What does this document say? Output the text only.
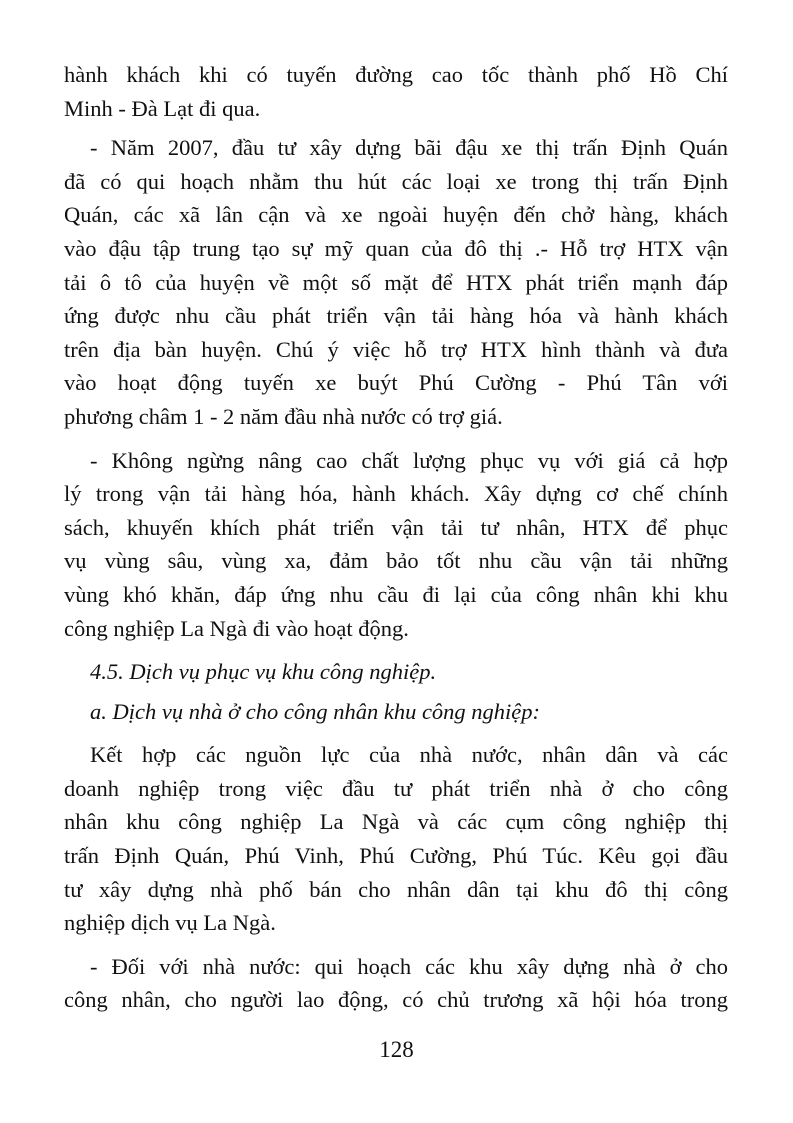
hành khách khi có tuyến đường cao tốc thành phố Hồ Chí
Minh - Đà Lạt đi qua.

- Năm 2007, đầu tư xây dựng bãi đậu xe thị trấn Định Quán
đã có qui hoạch nhằm thu hút các loại xe trong thị trấn Định
Quán, các xã lân cận và xe ngoài huyện đến chở hàng, khách
vào đậu tập trung tạo sự mỹ quan của đô thị .- Hỗ trợ HTX vận
tải ô tô của huyện về một số mặt để HTX phát triển mạnh đáp
ứng được nhu cầu phát triển vận tải hàng hóa và hành khách
trên địa bàn huyện. Chú ý việc hỗ trợ HTX hình thành và đưa
vào hoạt động tuyến xe buýt Phú Cường - Phú Tân với
phương châm 1 - 2 năm đầu nhà nước có trợ giá.

- Không ngừng nâng cao chất lượng phục vụ với giá cả hợp
lý trong vận tải hàng hóa, hành khách. Xây dựng cơ chế chính
sách, khuyến khích phát triển vận tải tư nhân, HTX để phục
vụ vùng sâu, vùng xa, đảm bảo tốt nhu cầu vận tải những
vùng khó khăn, đáp ứng nhu cầu đi lại của công nhân khi khu
công nghiệp La Ngà đi vào hoạt động.

4.5. Dịch vụ phục vụ khu công nghiệp.

a. Dịch vụ nhà ở cho công nhân khu công nghiệp:

Kết hợp các nguồn lực của nhà nước, nhân dân và các
doanh nghiệp trong việc đầu tư phát triển nhà ở cho công
nhân khu công nghiệp La Ngà và các cụm công nghiệp thị
trấn Định Quán, Phú Vinh, Phú Cường, Phú Túc. Kêu gọi đầu
tư xây dựng nhà phố bán cho nhân dân tại khu đô thị công
nghiệp dịch vụ La Ngà.

- Đối với nhà nước: qui hoạch các khu xây dựng nhà ở cho
công nhân, cho người lao động, có chủ trương xã hội hóa trong

128
